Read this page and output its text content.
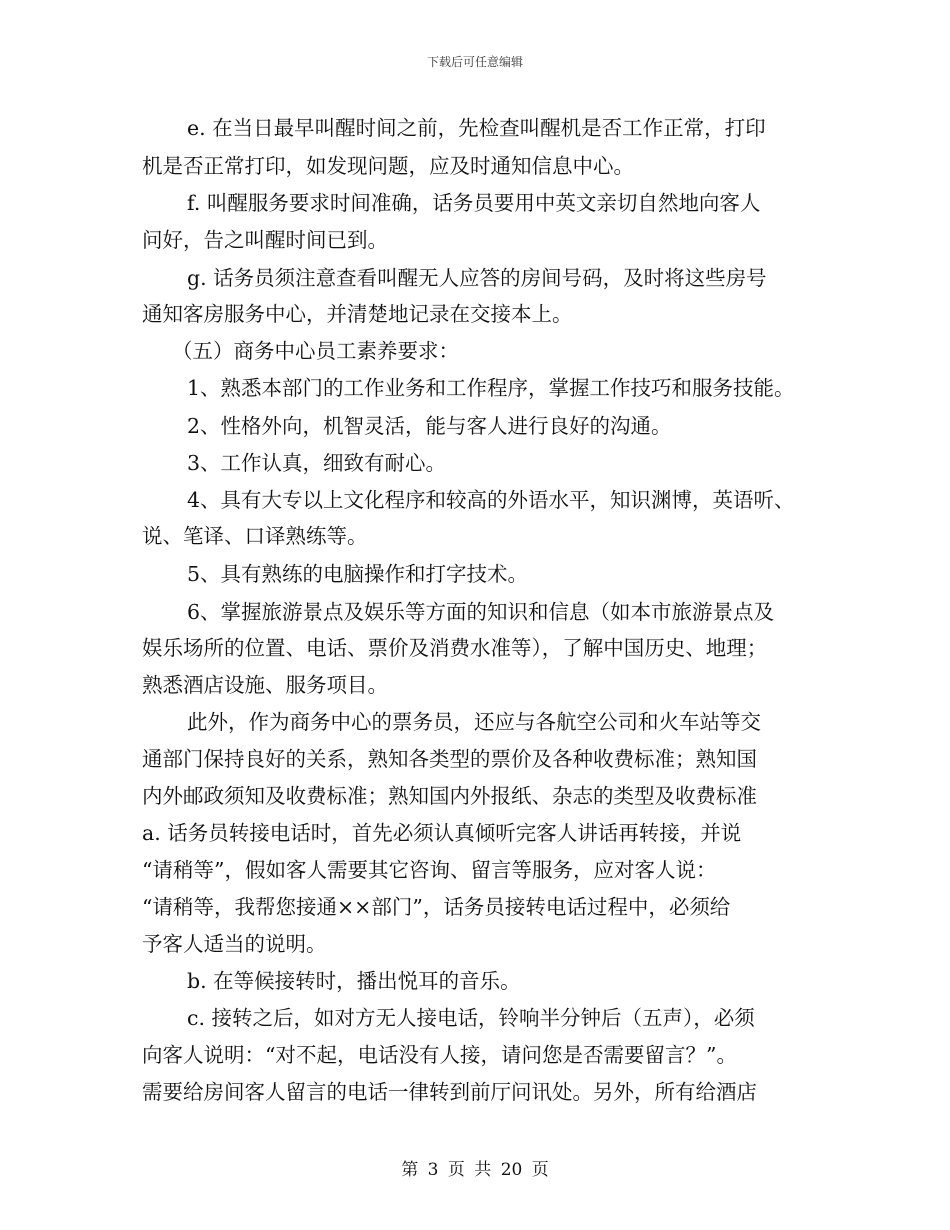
下载后可任意编辑
e. 在当日最早叫醒时间之前，先检查叫醒机是否工作正常，打印
机是否正常打印，如发现问题，应及时通知信息中心。
f. 叫醒服务要求时间准确，话务员要用中英文亲切自然地向客人
问好，告之叫醒时间已到。
g. 话务员须注意查看叫醒无人应答的房间号码，及时将这些房号
通知客房服务中心，并清楚地记录在交接本上。
（五）商务中心员工素养要求：
1、熟悉本部门的工作业务和工作程序，掌握工作技巧和服务技能。
2、性格外向，机智灵活，能与客人进行良好的沟通。
3、工作认真，细致有耐心。
4、具有大专以上文化程序和较高的外语水平，知识渊博，英语听、
说、笔译、口译熟练等。
5、具有熟练的电脑操作和打字技术。
6、掌握旅游景点及娱乐等方面的知识和信息（如本市旅游景点及
娱乐场所的位置、电话、票价及消费水准等），了解中国历史、地理；
熟悉酒店设施、服务项目。
此外，作为商务中心的票务员，还应与各航空公司和火车站等交
通部门保持良好的关系，熟知各类型的票价及各种收费标准；熟知国
内外邮政须知及收费标准；熟知国内外报纸、杂志的类型及收费标准
a. 话务员转接电话时，首先必须认真倾听完客人讲话再转接，并说
“请稍等”，假如客人需要其它咨询、留言等服务，应对客人说：
“请稍等，我帮您接通××部门”，话务员接转电话过程中，必须给
予客人适当的说明。
b. 在等候接转时，播出悦耳的音乐。
c. 接转之后，如对方无人接电话，铃响半分钟后（五声），必须
向客人说明：“对不起，电话没有人接，请问您是否需要留言？”。
需要给房间客人留言的电话一律转到前厅问讯处。另外，所有给酒店
第 3 页 共 20 页
